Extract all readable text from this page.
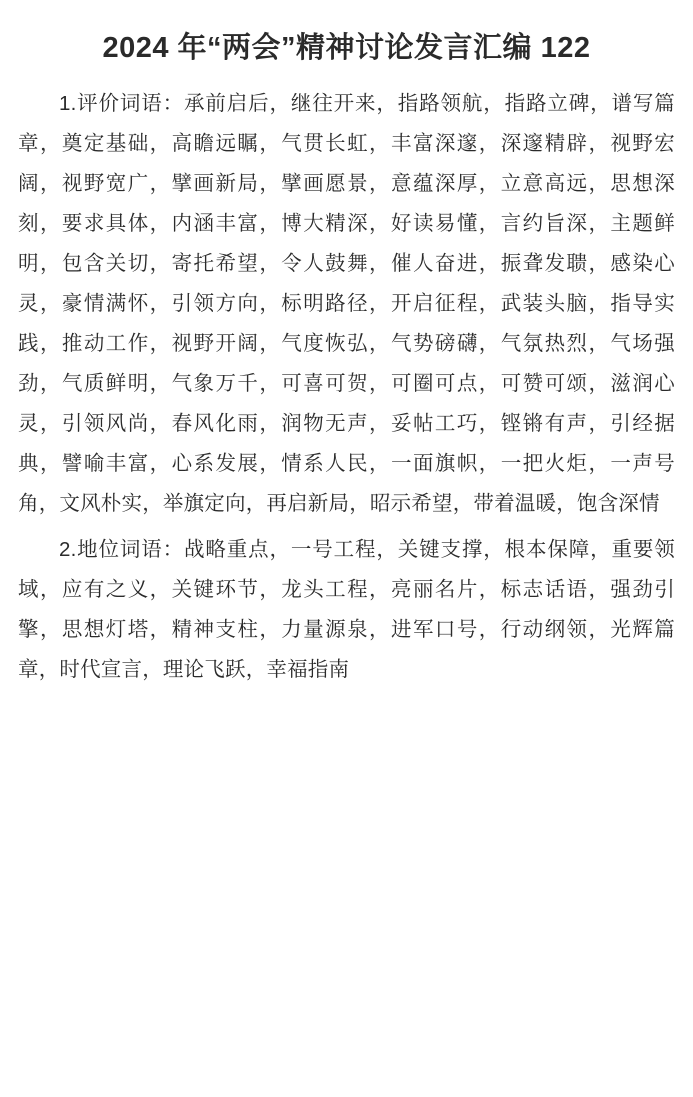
2024 年“两会”精神讨论发言汇编 122

1.评价词语：承前启后，继往开来，指路领航，指路立碑，谱写篇章，奠定基础，高瞻远瞩，气贯长虹，丰富深邃，深邃精辟，视野宏阔，视野宽广，擘画新局，擘画愿景，意蕴深厚，立意高远，思想深刻，要求具体，内涵丰富，博大精深，好读易懂，言约旨深，主题鲜明，包含关切，寄托希望，令人鼓舞，催人奋进，振聋发聩，感染心灵，豪情满怀，引领方向，标明路径，开启征程，武装头脑，指导实践，推动工作，视野开阔，气度恢弘，气势磅礴，气氛热烈，气场强劲，气质鲜明，气象万千，可喜可贺，可圈可点，可赞可颂，滋润心灵，引领风尚，春风化雨，润物无声，妥帖工巧，铿锵有声，引经据典，譬喻丰富，心系发展，情系人民，一面旗帜，一把火炬，一声号角，文风朴实，举旗定向，再启新局，昭示希望，带着温暖，饱含深情

2.地位词语：战略重点，一号工程，关键支撑，根本保障，重要领域，应有之义，关键环节，龙头工程，亮丽名片，标志话语，强劲引擎，思想灯塔，精神支柱，力量源泉，进军口号，行动纲领，光辉篇章，时代宣言，理论飞跃，幸福指南
